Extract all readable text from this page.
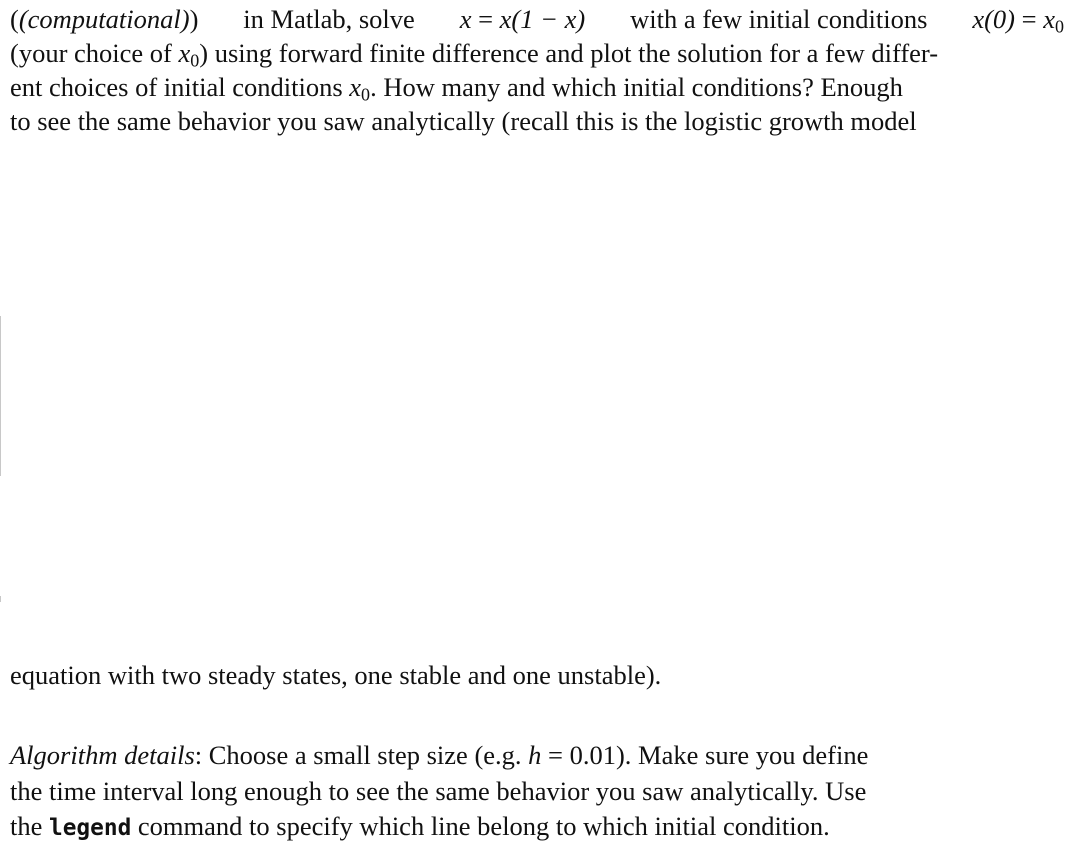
((computational)) in Matlab, solve
˙ x = x(1 − x) with a few initial conditions $x(0) = x_0$
(your choice of $x_0$) using forward finite difference and plot the solution for a few differ-
ent choices of initial conditions $x_0$. How many and which initial conditions? Enough
to see the same behavior you saw analytically (recall this is the logistic growth model
equation with two steady states, one stable and one unstable).
Algorithm details: Choose a small step size (e.g. h = 0.01). Make sure you define
the time interval long enough to see the same behavior you saw analytically. Use
the legend command to specify which line belong to which initial condition.
